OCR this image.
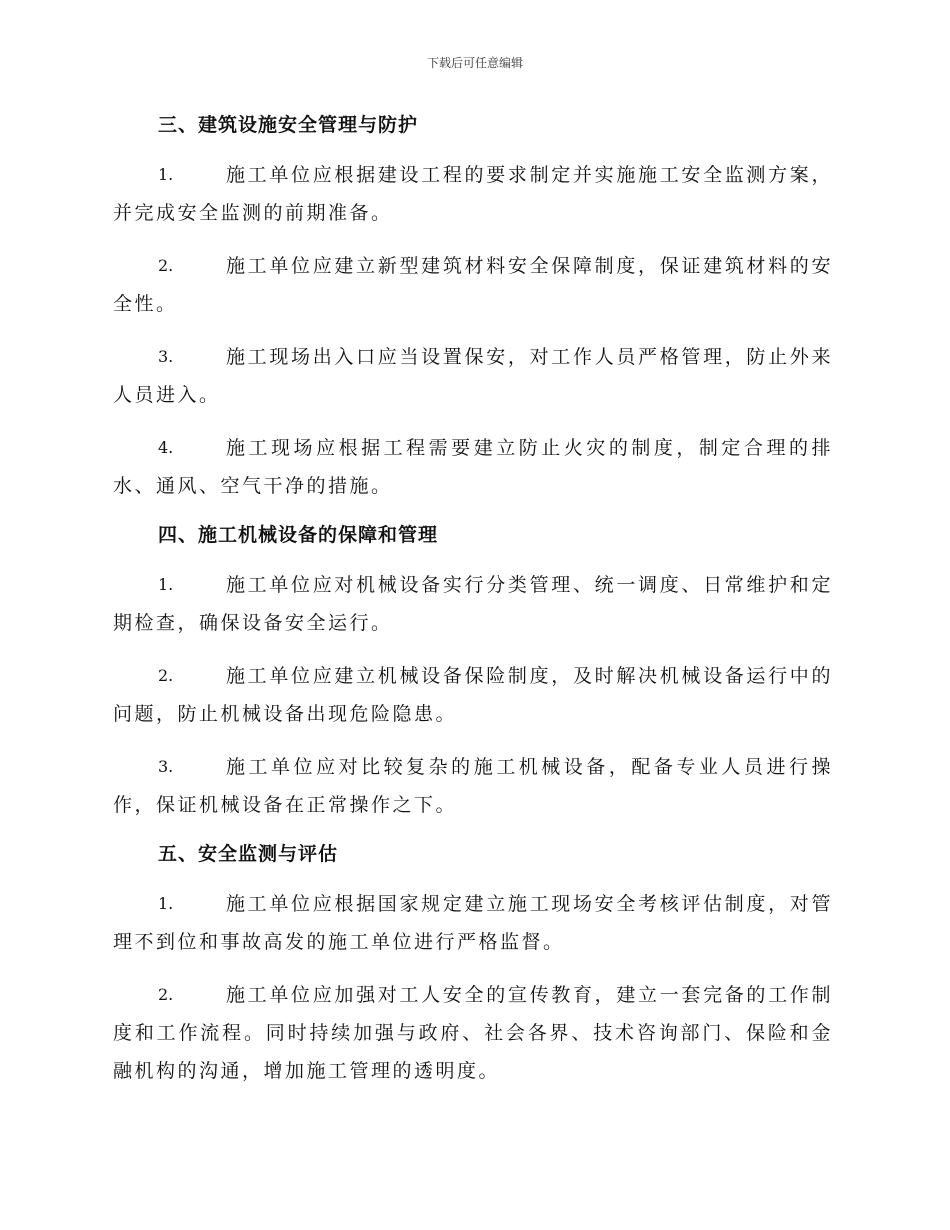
下载后可任意编辑
三、建筑设施安全管理与防护
1.	施工单位应根据建设工程的要求制定并实施施工安全监测方案，并完成安全监测的前期准备。
2.	施工单位应建立新型建筑材料安全保障制度，保证建筑材料的安全性。
3.	施工现场出入口应当设置保安，对工作人员严格管理，防止外来人员进入。
4.	施工现场应根据工程需要建立防止火灾的制度，制定合理的排水、通风、空气干净的措施。
四、施工机械设备的保障和管理
1.	施工单位应对机械设备实行分类管理、统一调度、日常维护和定期检查，确保设备安全运行。
2.	施工单位应建立机械设备保险制度，及时解决机械设备运行中的问题，防止机械设备出现危险隐患。
3.	施工单位应对比较复杂的施工机械设备，配备专业人员进行操作，保证机械设备在正常操作之下。
五、安全监测与评估
1.	施工单位应根据国家规定建立施工现场安全考核评估制度，对管理不到位和事故高发的施工单位进行严格监督。
2.	施工单位应加强对工人安全的宣传教育，建立一套完备的工作制度和工作流程。同时持续加强与政府、社会各界、技术咨询部门、保险和金融机构的沟通，增加施工管理的透明度。
